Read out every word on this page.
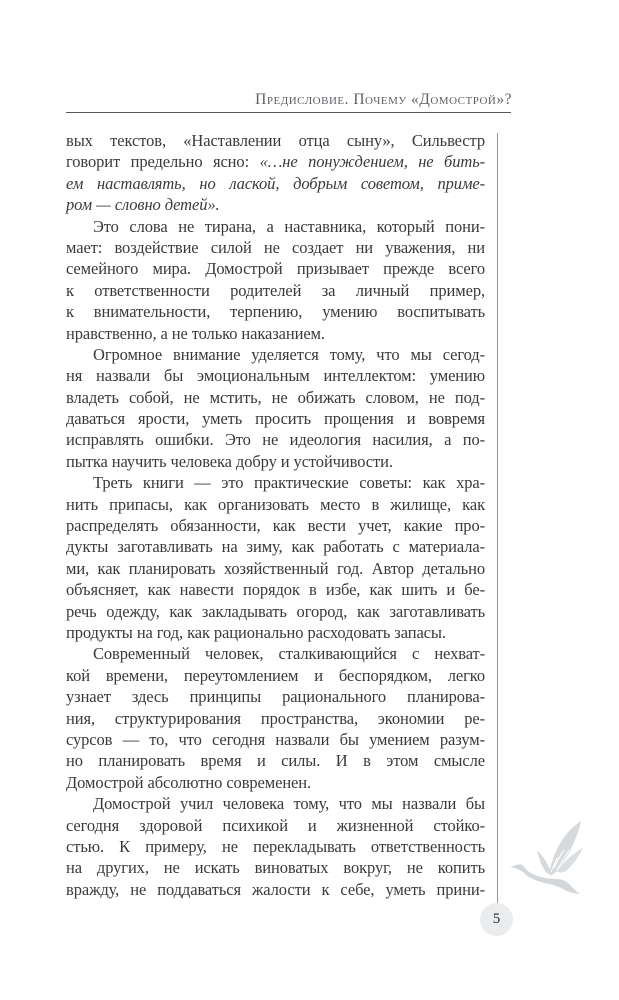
Предисловие. Почему «Домострой»?
вых текстов, «Наставлении отца сыну», Сильвестр
говорит предельно ясно: «…не понуждением, не бить-
ем наставлять, но лаской, добрым советом, приме-
ром — словно детей».
Это слова не тирана, а наставника, который пони-
мает: воздействие силой не создает ни уважения, ни
семейного мира. Домострой призывает прежде всего
к ответственности родителей за личный пример,
к внимательности, терпению, умению воспитывать
нравственно, а не только наказанием.
Огромное внимание уделяется тому, что мы сегод-
ня назвали бы эмоциональным интеллектом: умению
владеть собой, не мстить, не обижать словом, не под-
даваться ярости, уметь просить прощения и вовремя
исправлять ошибки. Это не идеология насилия, а по-
пытка научить человека добру и устойчивости.
Треть книги — это практические советы: как хра-
нить припасы, как организовать место в жилище, как
распределять обязанности, как вести учет, какие про-
дукты заготавливать на зиму, как работать с материала-
ми, как планировать хозяйственный год. Автор детально
объясняет, как навести порядок в избе, как шить и бе-
речь одежду, как закладывать огород, как заготавливать
продукты на год, как рационально расходовать запасы.
Современный человек, сталкивающийся с нехват-
кой времени, переутомлением и беспорядком, легко
узнает здесь принципы рационального планирова-
ния, структурирования пространства, экономии ре-
сурсов — то, что сегодня назвали бы умением разум-
но планировать время и силы. И в этом смысле
Домострой абсолютно современен.
Домострой учил человека тому, что мы назвали бы
сегодня здоровой психикой и жизненной стойко-
стью. К примеру, не перекладывать ответственность
на других, не искать виноватых вокруг, не копить
вражду, не поддаваться жалости к себе, уметь прини-
5
